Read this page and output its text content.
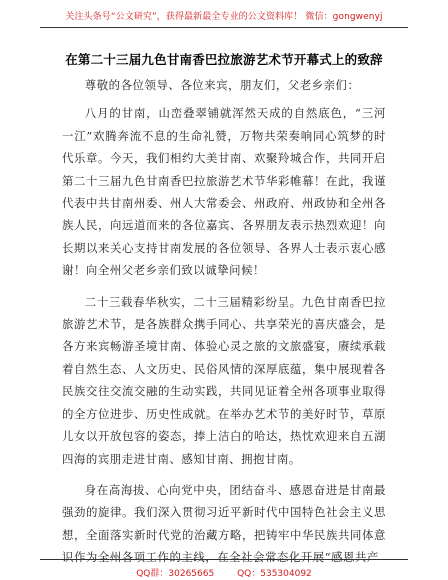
关注头条号“公文研究”，获得最新最全专业的公文资料库！ 微信：gongwenyj
在第二十三届九色甘南香巴拉旅游艺术节开幕式上的致辞

尊敬的各位领导、各位来宾，朋友们，父老乡亲们：

八月的甘南，山峦叠翠铺就浑然天成的自然底色，“三河一江”欢腾奔流不息的生命礼赞，万物共荣奏响同心筑梦的时代乐章。今天，我们相约大美甘南、欢聚羚城合作，共同开启第二十三届九色甘南香巴拉旅游艺术节华彩帷幕！在此，我谨代表中共甘南州委、州人大常委会、州政府、州政协和全州各族人民，向远道而来的各位嘉宾、各界朋友表示热烈欢迎！向长期以来关心支持甘南发展的各位领导、各界人士表示衷心感谢！向全州父老乡亲们致以诚挚问候！

二十三载春华秋实，二十三届精彩纷呈。九色甘南香巴拉旅游艺术节，是各族群众携手同心、共享荣光的喜庆盛会，是各方来宾畅游圣境甘南、体验心灵之旅的文旅盛宴，赓续承载着自然生态、人文历史、民俗风情的深厚底蕴，集中展现着各民族交往交流交融的生动实践，共同见证着全州各项事业取得的全方位进步、历史性成就。在举办艺术节的美好时节，草原儿女以开放包容的姿态，捧上洁白的哈达，热忱欢迎来自五湖四海的宾朋走进甘南、感知甘南、拥抱甘南。

身在高海拔、心向党中央，团结奋斗、感恩奋进是甘南最强劲的旋律。我们深入贯彻习近平新时代中国特色社会主义思想，全面落实新时代党的治藏方略，把铸牢中华民族共同体意识作为全州各项工作的主线，在全社会常态化开展“感恩共产

QQ群：30265665	QQ：535304092
